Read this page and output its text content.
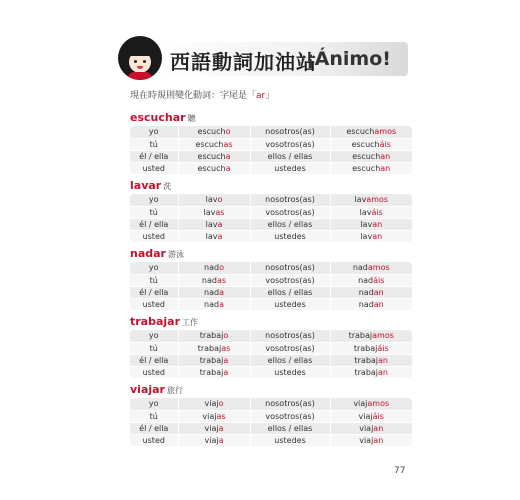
西語動詞加油站
¡Ánimo!
現在時規則變化動詞：字尾是「ar」
escuchar 聽
yo	escucho	nosotros(as)	escuchamos
tú	escuchas	vosotros(as)	escucháis
él / ella	escucha	ellos / ellas	escuchan
usted	escucha	ustedes	escuchan
lavar 洗
yo	lavo	nosotros(as)	lavamos
tú	lavas	vosotros(as)	laváis
él / ella	lava	ellos / ellas	lavan
usted	lava	ustedes	lavan
nadar 游泳
yo	nado	nosotros(as)	nadamos
tú	nadas	vosotros(as)	nadáis
él / ella	nada	ellos / ellas	nadan
usted	nada	ustedes	nadan
trabajar 工作
yo	trabajo	nosotros(as)	trabajamos
tú	trabajas	vosotros(as)	trabajáis
él / ella	trabaja	ellos / ellas	trabajan
usted	trabaja	ustedes	trabajan
viajar 旅行
yo	viajo	nosotros(as)	viajamos
tú	viajas	vosotros(as)	viajáis
él / ella	viaja	ellos / ellas	viajan
usted	viaja	ustedes	viajan
77
